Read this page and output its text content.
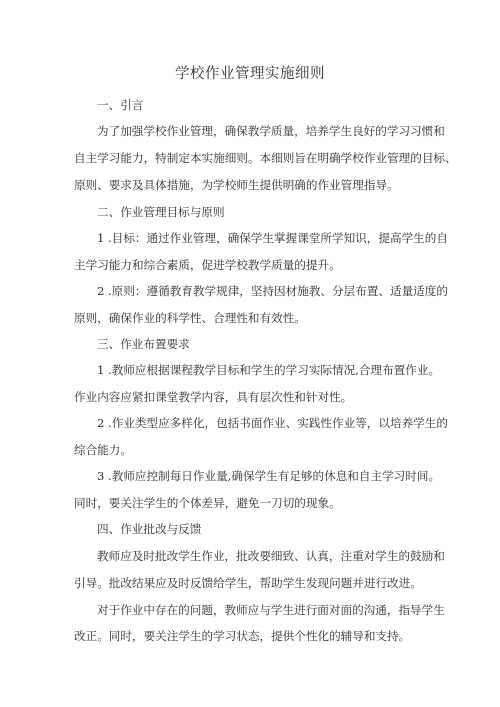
学校作业管理实施细则
一、引言
为了加强学校作业管理，确保教学质量，培养学生良好的学习习惯和
自主学习能力，特制定本实施细则。本细则旨在明确学校作业管理的目标、
原则、要求及具体措施，为学校师生提供明确的作业管理指导。
二、作业管理目标与原则
1 .目标：通过作业管理，确保学生掌握课堂所学知识，提高学生的自
主学习能力和综合素质，促进学校教学质量的提升。
2 .原则：遵循教育教学规律，坚持因材施教、分层布置、适量适度的
原则，确保作业的科学性、合理性和有效性。
三、作业布置要求
1 .教师应根据课程教学目标和学生的学习实际情况,合理布置作业。
作业内容应紧扣课堂教学内容，具有层次性和针对性。
2 .作业类型应多样化，包括书面作业、实践性作业等，以培养学生的
综合能力。
3 .教师应控制每日作业量,确保学生有足够的休息和自主学习时间。
同时，要关注学生的个体差异，避免一刀切的现象。
四、作业批改与反馈
教师应及时批改学生作业，批改要细致、认真，注重对学生的鼓励和
引导。批改结果应及时反馈给学生，帮助学生发现问题并进行改进。
对于作业中存在的问题，教师应与学生进行面对面的沟通，指导学生
改正。同时，要关注学生的学习状态，提供个性化的辅导和支持。
